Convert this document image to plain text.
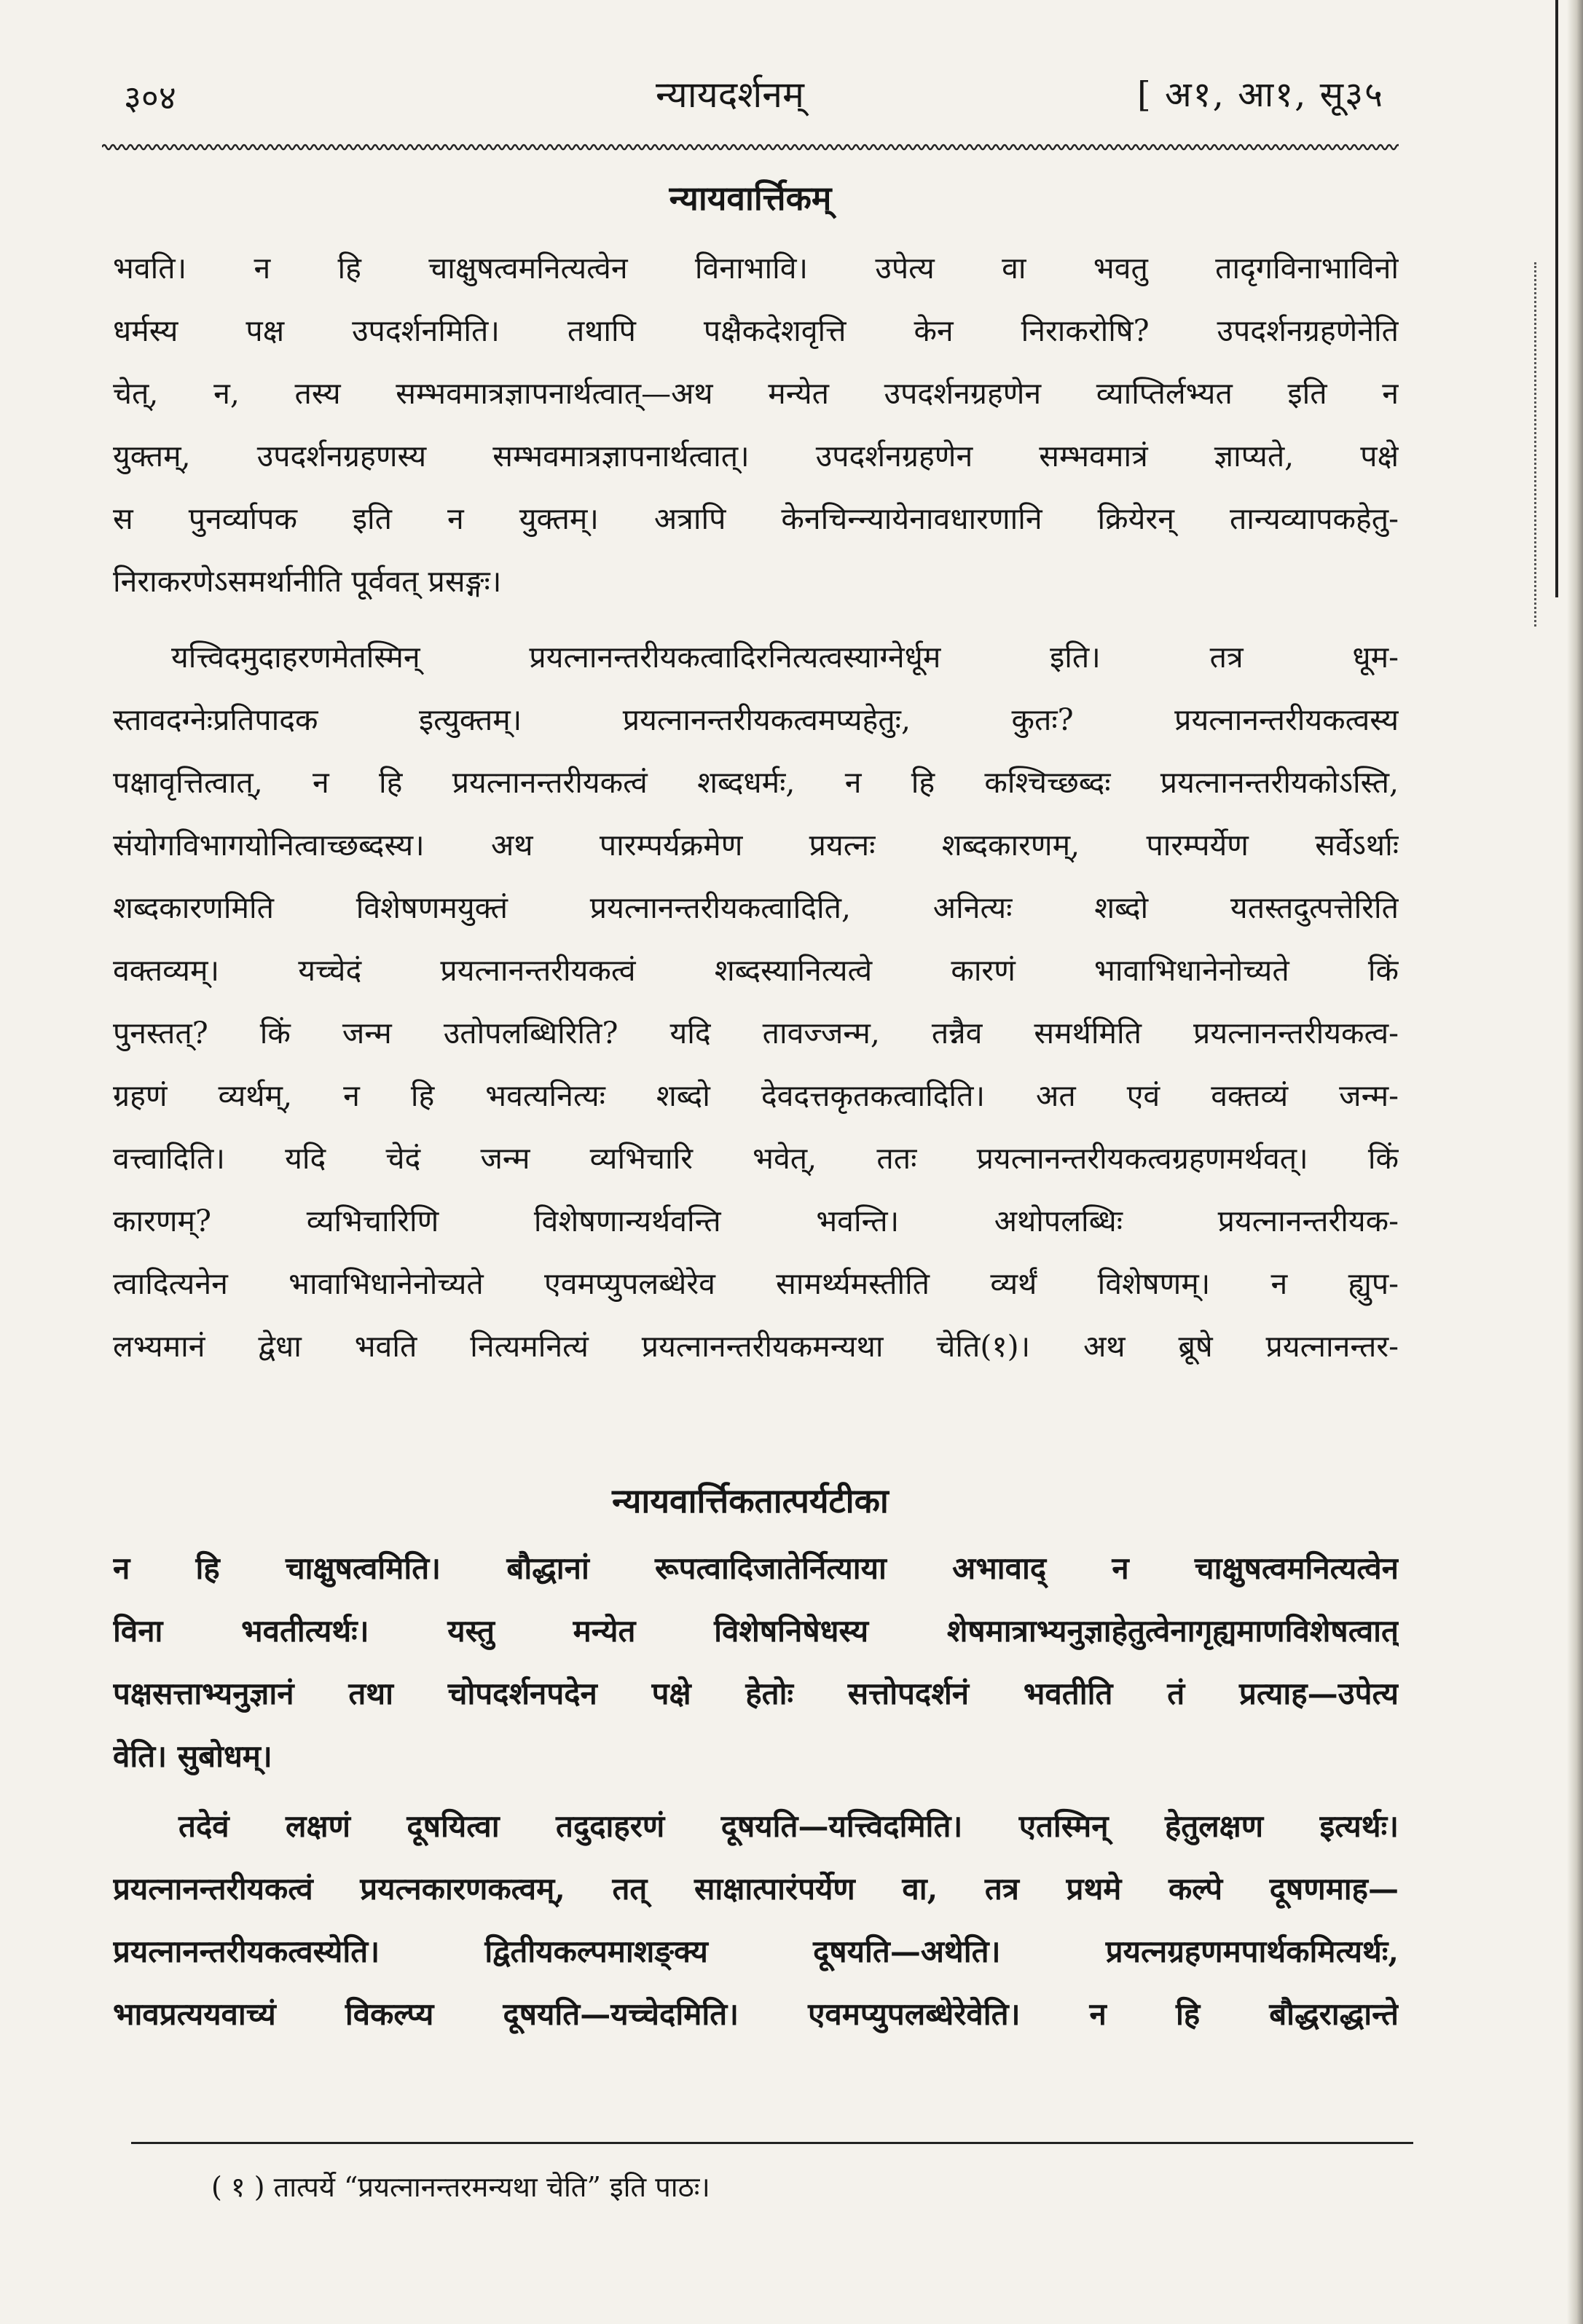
३०४	न्यायदर्शनम्	[ अ१, आ१, सू३५
न्यायवार्त्तिकम्
भवति। न हि चाक्षुषत्वमनित्यत्वेन विनाभावि। उपेत्य वा भवतु तादृगविनाभाविनो
धर्मस्य पक्ष उपदर्शनमिति। तथापि पक्षैकदेशवृत्ति केन निराकरोषि? उपदर्शनग्रहणेनेति
चेत्, न, तस्य सम्भवमात्रज्ञापनार्थत्वात्—अथ मन्येत उपदर्शनग्रहणेन व्याप्तिर्लभ्यत इति न
युक्तम्, उपदर्शनग्रहणस्य सम्भवमात्रज्ञापनार्थत्वात्। उपदर्शनग्रहणेन सम्भवमात्रं ज्ञाप्यते, पक्षे
स पुनर्व्यापक इति न युक्तम्। अत्रापि केनचिन्न्यायेनावधारणानि क्रियेरन् तान्यव्यापकहेतु-
निराकरणेऽसमर्थानीति पूर्ववत् प्रसङ्गः।
यत्त्विदमुदाहरणमेतस्मिन् प्रयत्नानन्तरीयकत्वादिरनित्यत्वस्याग्नेर्धूम इति। तत्र धूम-
स्तावदग्नेःप्रतिपादक इत्युक्तम्। प्रयत्नानन्तरीयकत्वमप्यहेतुः, कुतः? प्रयत्नानन्तरीयकत्वस्य
पक्षावृत्तित्वात्, न हि प्रयत्नानन्तरीयकत्वं शब्दधर्मः, न हि कश्चिच्छब्दः प्रयत्नानन्तरीयकोऽस्ति,
संयोगविभागयोनित्वाच्छब्दस्य। अथ पारम्पर्यक्रमेण प्रयत्नः शब्दकारणम्, पारम्पर्येण सर्वेऽर्थाः
शब्दकारणमिति विशेषणमयुक्तं प्रयत्नानन्तरीयकत्वादिति, अनित्यः शब्दो यतस्तदुत्पत्तेरिति
वक्तव्यम्। यच्चेदं प्रयत्नानन्तरीयकत्वं शब्दस्यानित्यत्वे कारणं भावाभिधानेनोच्यते किं
पुनस्तत्? किं जन्म उतोपलब्धिरिति? यदि तावज्जन्म, तन्नैव समर्थमिति प्रयत्नानन्तरीयकत्व-
ग्रहणं व्यर्थम्, न हि भवत्यनित्यः शब्दो देवदत्तकृतकत्वादिति। अत एवं वक्तव्यं जन्म-
वत्त्वादिति। यदि चेदं जन्म व्यभिचारि भवेत्, ततः प्रयत्नानन्तरीयकत्वग्रहणमर्थवत्। किं
कारणम्? व्यभिचारिणि विशेषणान्यर्थवन्ति भवन्ति। अथोपलब्धिः प्रयत्नानन्तरीयक-
त्वादित्यनेन भावाभिधानेनोच्यते एवमप्युपलब्धेरेव सामर्थ्यमस्तीति व्यर्थं विशेषणम्। न ह्युप-
लभ्यमानं द्वेधा भवति नित्यमनित्यं प्रयत्नानन्तरीयकमन्यथा चेति(१)। अथ ब्रूषे प्रयत्नानन्तर-
न्यायवार्त्तिकतात्पर्यटीका
न हि चाक्षुषत्वमिति। बौद्धानां रूपत्वादिजातेर्नित्याया अभावाद् न चाक्षुषत्वमनित्यत्वेन
विना भवतीत्यर्थः। यस्तु मन्येत विशेषनिषेधस्य शेषमात्राभ्यनुज्ञाहेतुत्वेनागृह्यमाणविशेषत्वात्
पक्षसत्ताभ्यनुज्ञानं तथा चोपदर्शनपदेन पक्षे हेतोः सत्तोपदर्शनं भवतीति तं प्रत्याह—उपेत्य
वेति। सुबोधम्।
तदेवं लक्षणं दूषयित्वा तदुदाहरणं दूषयति—यत्त्विदमिति। एतस्मिन् हेतुलक्षण इत्यर्थः।
प्रयत्नानन्तरीयकत्वं प्रयत्नकारणकत्वम्, तत् साक्षात्पारंपर्येण वा, तत्र प्रथमे कल्पे दूषणमाह—
प्रयत्नानन्तरीयकत्वस्येति। द्वितीयकल्पमाशङ्क्य दूषयति—अथेति। प्रयत्नग्रहणमपार्थकमित्यर्थः,
भावप्रत्ययवाच्यं विकल्प्य दूषयति—यच्चेदमिति। एवमप्युपलब्धेरेवेति। न हि बौद्धराद्धान्ते
( १ ) तात्पर्ये “प्रयत्नानन्तरमन्यथा चेति” इति पाठः।
